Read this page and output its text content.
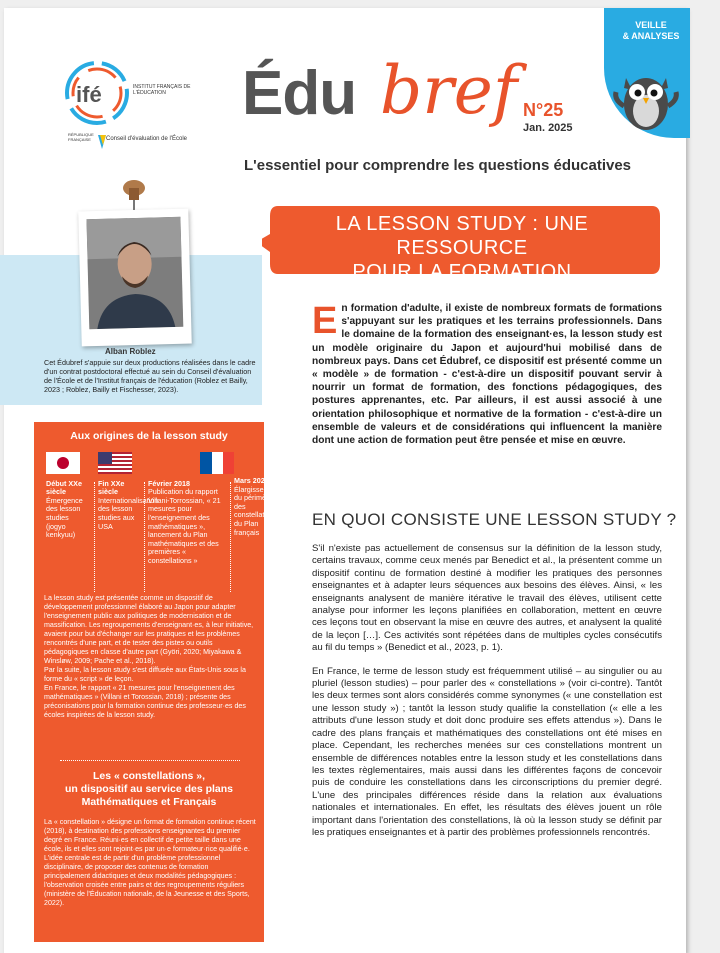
ifé	INSTITUT FRANÇAIS DE L'ÉDUCATION
RÉPUBLIQUE FRANÇAISE	Conseil d'évaluation de l'École
Édu bref N°25
Jan. 2025
L'essentiel pour comprendre les questions éducatives
VEILLE
& ANALYSES
Alban Roblez
Cet Édubref s'appuie sur deux productions réalisées dans le cadre d'un contrat postdoctoral effectué au sein du Conseil d'évaluation de l'École et de l'Institut français de l'éducation (Roblez et Bailly, 2023 ; Roblez, Bailly et Fischesser, 2023).
LA LESSON STUDY : UNE RESSOURCE
POUR LA FORMATION ENSEIGNANTE
Aux origines de la lesson study
Début XXe siècle
Émergence des lesson studies (jogyo kenkyuu)
Fin XXe siècle
Internationalisation des lesson studies aux USA
Février 2018
Publication du rapport Villani-Torrossian, « 21 mesures pour l'enseignement des mathématiques », lancement du Plan mathématiques et des premières « constellations »
Mars 2020
Élargissement du périmètre des constellations du Plan français
La lesson study est présentée comme un dispositif de développement professionnel élaboré au Japon pour adapter l'enseignement public aux politiques de modernisation et de massification. Les regroupements d'enseignant·es, à leur initiative, avaient pour but d'échanger sur les pratiques et les problèmes rencontrés d'une part, et de tester des pistes ou outils pédagogiques en classe d'autre part (Györi, 2020; Miyakawa & Winsløw, 2009; Pache et al., 2018).
Par la suite, la lesson study s'est diffusée aux États-Unis sous la forme du « script » de leçon.
En France, le rapport « 21 mesures pour l'enseignement des mathématiques » (Villani et Torossian, 2018) ; présente des préconisations pour la formation continue des professeur·es des écoles inspirées de la lesson study.
Les « constellations »,
un dispositif au service des plans
Mathématiques et Français
La « constellation » désigne un format de formation continue récent (2018), à destination des professions enseignantes du premier degré en France. Réuni·es en collectif de petite taille dans une école, ils et elles sont rejoint·es par un·e formateur·rice qualifié·e. L'idée centrale est de partir d'un problème professionnel disciplinaire, de proposer des contenus de formation principalement didactiques et deux modalités pédagogiques : l'observation croisée entre pairs et des regroupements réguliers (ministère de l'Éducation nationale, de la Jeunesse et des Sports, 2022).
En formation d'adulte, il existe de nombreux formats de formations s'appuyant sur les pratiques et les terrains professionnels. Dans le domaine de la formation des enseignant·es, la lesson study est un modèle originaire du Japon et aujourd'hui mobilisé dans de nombreux pays. Dans cet Édubref, ce dispositif est présenté comme un « modèle » de formation - c'est-à-dire un dispositif pouvant servir à nourrir un format de formation, des fonctions pédagogiques, des postures apprenantes, etc. Par ailleurs, il est aussi associé à une orientation philosophique et normative de la formation - c'est-à-dire un ensemble de valeurs et de considérations qui influencent la manière dont une action de formation peut être pensée et mise en œuvre.
EN QUOI CONSISTE UNE LESSON STUDY ?

S'il n'existe pas actuellement de consensus sur la définition de la lesson study, certains travaux, comme ceux menés par Benedict et al., la présentent comme un dispositif continu de formation destiné à modifier les pratiques des personnes enseignantes et à adapter leurs séquences aux besoins des élèves. Ainsi, « les enseignants analysent de manière itérative le travail des élèves, utilisent cette analyse pour informer les leçons planifiées en collaboration, mettent en œuvre ces leçons tout en observant la mise en œuvre des autres, et analysent la qualité de la leçon […]. Ces activités sont répétées dans de multiples cycles consécutifs au fil du temps » (Benedict et al., 2023, p. 1).

En France, le terme de lesson study est fréquemment utilisé – au singulier ou au pluriel (lesson studies) – pour parler des « constellations » (voir ci-contre). Tantôt les deux termes sont alors considérés comme synonymes (« une constellation est une lesson study ») ; tantôt la lesson study qualifie la constellation (« elle a les attributs d'une lesson study et doit donc produire ses effets attendus »). Dans le cadre des plans français et mathématiques des constellations ont été mises en place. Cependant, les recherches menées sur ces constellations montrent un ensemble de différences notables entre la lesson study et les constellations dans les textes règlementaires, mais aussi dans les différentes façons de concevoir puis de conduire les constellations dans les circonscriptions du premier degré. L'une des principales différences réside dans la relation aux évaluations nationales et internationales. En effet, les résultats des élèves jouent un rôle important dans l'orientation des constellations, là où la lesson study se définit par les pratiques enseignantes et à partir des problèmes professionnels rencontrés.
